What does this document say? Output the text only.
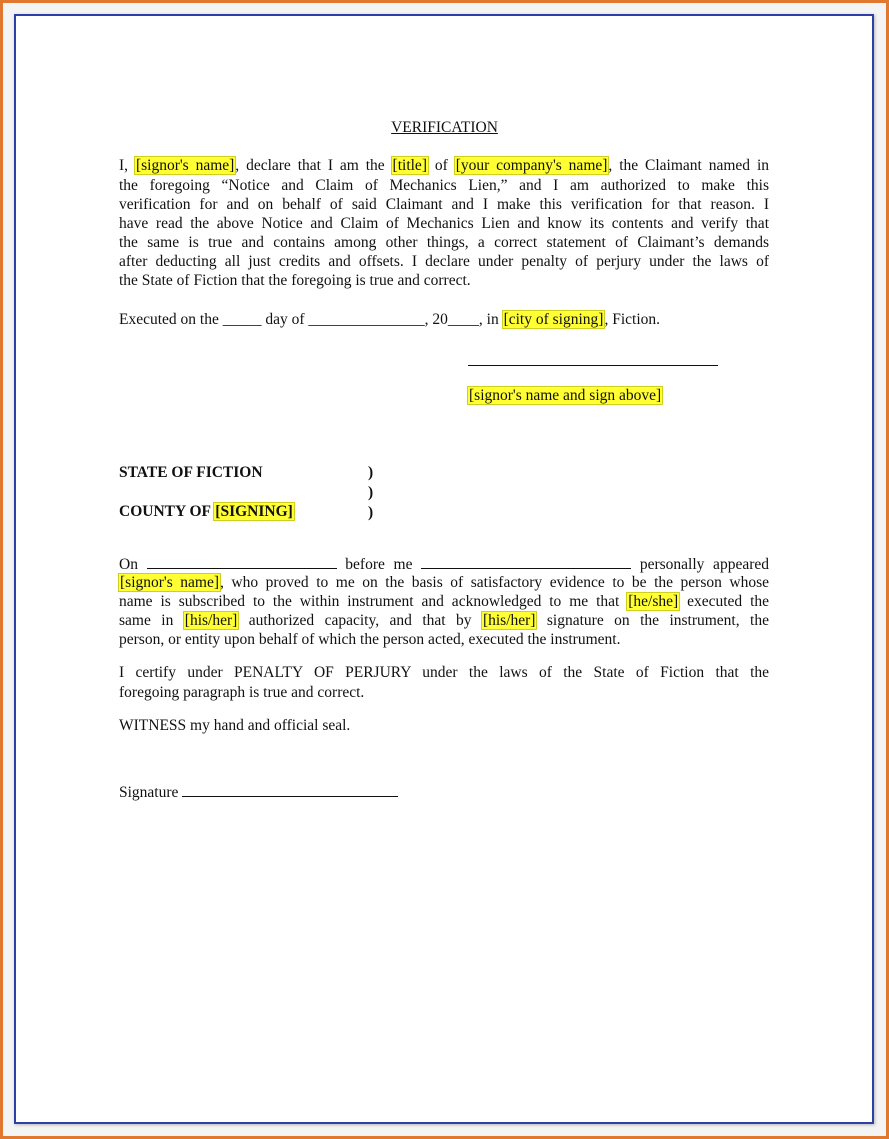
VERIFICATION
I, [signor's name], declare that I am the [title] of [your company's name], the Claimant named in
the foregoing “Notice and Claim of Mechanics Lien,” and I am authorized to make this
verification for and on behalf of said Claimant and I make this verification for that reason. I
have read the above Notice and Claim of Mechanics Lien and know its contents and verify that
the same is true and contains among other things, a correct statement of Claimant’s demands
after deducting all just credits and offsets. I declare under penalty of perjury under the laws of
the State of Fiction that the foregoing is true and correct.
Executed on the _____ day of _______________, 20____, in [city of signing], Fiction.
[signor's name and sign above]
STATE OF FICTION
COUNTY OF [SIGNING]
)
)
)
On	before me	personally appeared
[signor's name], who proved to me on the basis of satisfactory evidence to be the person whose
name is subscribed to the within instrument and acknowledged to me that [he/she] executed the
same in [his/her] authorized capacity, and that by [his/her] signature on the instrument, the
person, or entity upon behalf of which the person acted, executed the instrument.
I certify under PENALTY OF PERJURY under the laws of the State of Fiction that the
foregoing paragraph is true and correct.
WITNESS my hand and official seal.
Signature
